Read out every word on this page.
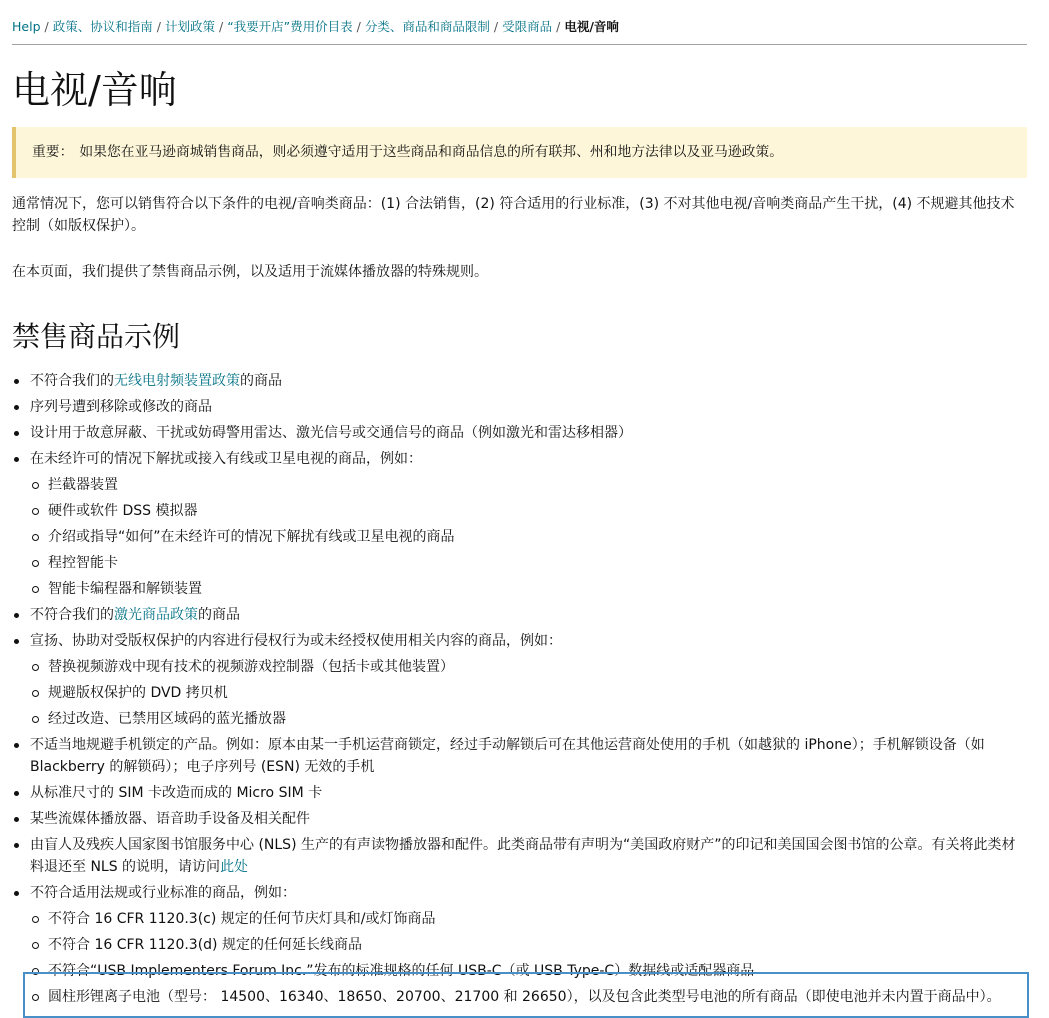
Help / 政策、协议和指南 / 计划政策 / “我要开店”费用价目表 / 分类、商品和商品限制 / 受限商品 / 电视/音响
电视/音响
重要： 如果您在亚马逊商城销售商品，则必须遵守适用于这些商品和商品信息的所有联邦、州和地方法律以及亚马逊政策。

通常情况下，您可以销售符合以下条件的电视/音响类商品：(1) 合法销售，(2) 符合适用的行业标准，(3) 不对其他电视/音响类商品产生干扰，(4) 不规避其他技术控制（如版权保护）。

在本页面，我们提供了禁售商品示例，以及适用于流媒体播放器的特殊规则。

禁售商品示例
不符合我们的无线电射频装置政策的商品
序列号遭到移除或修改的商品
设计用于故意屏蔽、干扰或妨碍警用雷达、激光信号或交通信号的商品（例如激光和雷达移相器）
在未经许可的情况下解扰或接入有线或卫星电视的商品，例如：
拦截器装置
硬件或软件 DSS 模拟器
介绍或指导“如何”在未经许可的情况下解扰有线或卫星电视的商品
程控智能卡
智能卡编程器和解锁装置
不符合我们的激光商品政策的商品
宣扬、协助对受版权保护的内容进行侵权行为或未经授权使用相关内容的商品，例如：
替换视频游戏中现有技术的视频游戏控制器（包括卡或其他装置）
规避版权保护的 DVD 拷贝机
经过改造、已禁用区域码的蓝光播放器
不适当地规避手机锁定的产品。例如：原本由某一手机运营商锁定，经过手动解锁后可在其他运营商处使用的手机（如越狱的 iPhone）；手机解锁设备（如 Blackberry 的解锁码）；电子序列号 (ESN) 无效的手机
从标准尺寸的 SIM 卡改造而成的 Micro SIM 卡
某些流媒体播放器、语音助手设备及相关配件
由盲人及残疾人国家图书馆服务中心 (NLS) 生产的有声读物播放器和配件。此类商品带有声明为“美国政府财产”的印记和美国国会图书馆的公章。有关将此类材料退还至 NLS 的说明，请访问此处
不符合适用法规或行业标准的商品，例如：
不符合 16 CFR 1120.3(c) 规定的任何节庆灯具和/或灯饰商品
不符合 16 CFR 1120.3(d) 规定的任何延长线商品
不符合“USB Implementers Forum Inc.”发布的标准规格的任何 USB-C（或 USB Type-C）数据线或适配器商品
圆柱形锂离子电池（型号： 14500、16340、18650、20700、21700 和 26650），以及包含此类型号电池的所有商品（即使电池并未内置于商品中）。
